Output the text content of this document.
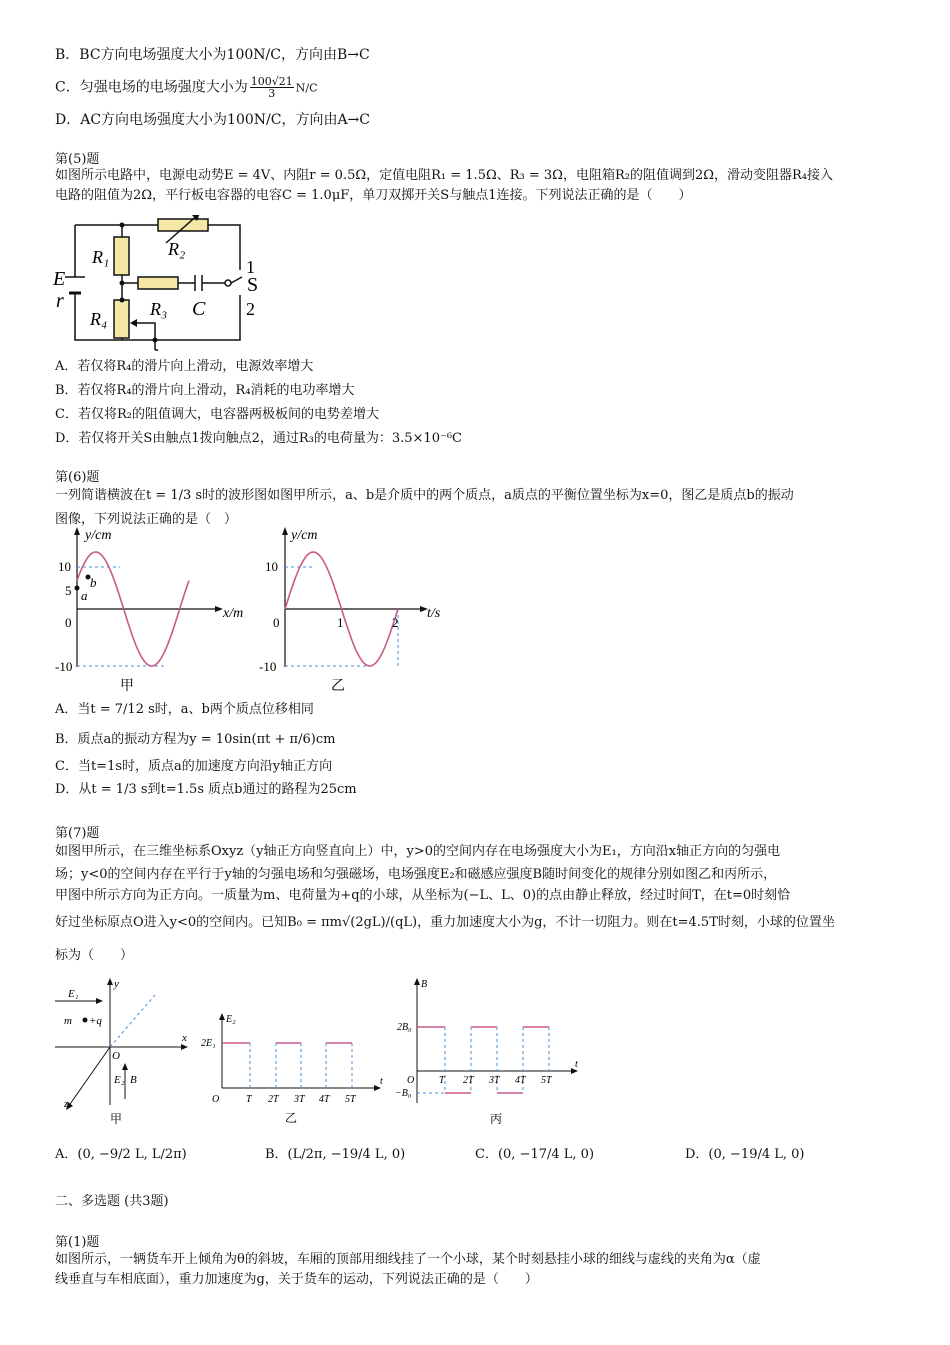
B．BC方向电场强度大小为100N/C，方向由B→C
C．匀强电场的电场强度大小为 $\frac{100√21}{3} N/C$
D．AC方向电场强度大小为100N/C，方向由A→C
第(5)题
如图所示电路中，电源电动势E = 4V、内阻r = 0.5Ω，定值电阻R₁ = 1.5Ω、R₃ = 3Ω，电阻箱R₂的阻值调到2Ω，滑动变阻器R₄接入
电路的阻值为2Ω，平行板电容器的电容C = 1.0μF，单刀双掷开关S与触点1连接。下列说法正确的是（　　）
E
r
R₁	R₂
R₃
R₄	C
S
1
2
A．若仅将R₄的滑片向上滑动，电源效率增大
B．若仅将R₄的滑片向上滑动，R₄消耗的电功率增大
C．若仅将R₂的阻值调大，电容器两极板间的电势差增大
D．若仅将开关S由触点1拨向触点2，通过R₃的电荷量为：3.5×10⁻⁶C
第(6)题
一列简谐横波在t = 1/3 s时的波形图如图甲所示，a、b是介质中的两个质点，a质点的平衡位置坐标为x=0，图乙是质点b的振动
图像，下列说法正确的是（　）
y/cm
x/m
10
5
0
-10
a
b
甲
y/cm
t/s
10
0
-10
1	2
乙
A．当t = 7/12 s时，a、b两个质点位移相同
B．质点a的振动方程为y = 10sin(πt + π/6)cm
C．当t=1s时，质点a的加速度方向沿y轴正方向
D．从t = 1/3 s到t=1.5s 质点b通过的路程为25cm
第(7)题
如图甲所示，在三维坐标系Oxyz（y轴正方向竖直向上）中，y>0的空间内存在电场强度大小为E₁，方向沿x轴正方向的匀强电
场；y<0的空间内存在平行于y轴的匀强电场和匀强磁场，电场强度E₂和磁感应强度B随时间变化的规律分别如图乙和丙所示，
甲图中所示方向为正方向。一质量为m、电荷量为+q的小球，从坐标为(−L、L、0)的点由静止释放，经过时间T，在t=0时刻恰
好过坐标原点O进入y<0的空间内。已知B₀ = πm√(2gL)/(qL)，重力加速度大小为g，不计一切阻力。则在t=4.5T时刻，小球的位置坐
标为（　　）
E₁
m +q
x
y
z
O
E₂ B
甲
E₂
2E₁
O
t
T 2T 3T 4T 5T
乙
B
2B₀
−B₀
O
t
T 2T 3T 4T 5T
丙
A．(0, −9/2 L, L/2π)	B．(L/2π, −19/4 L, 0)	C．(0, −17/4 L, 0)	D．(0, −19/4 L, 0)
二、多选题 (共3题)
第(1)题
如图所示，一辆货车开上倾角为θ的斜坡，车厢的顶部用细线挂了一个小球，某个时刻悬挂小球的细线与虚线的夹角为α（虚
线垂直与车相底面），重力加速度为g，关于货车的运动，下列说法正确的是（　　）
